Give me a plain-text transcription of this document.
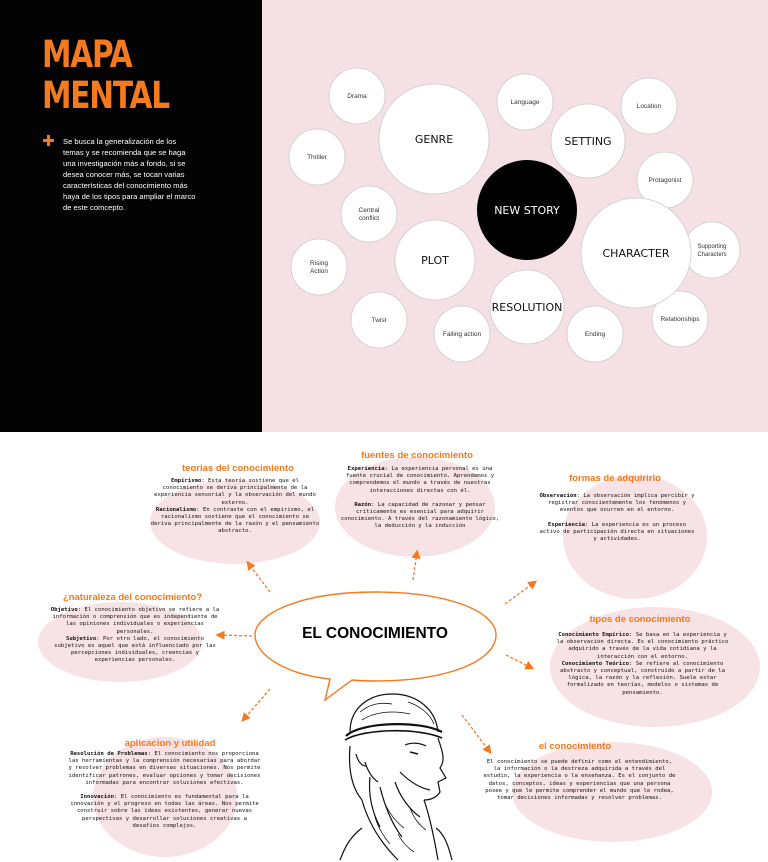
MAPA
MENTAL
Se busca la generalización de los temas y se recomienda que se haga una investigación más a fondo, si se desea conocer más, se tocan varias características del conocimiento más haya de los tipos para ampliar el marco de este comcepto.	NEW STORY
GENRE	SETTING
CHARACTER
PLOT
RESOLUTION
Drama
Thriller
Language
Location
Protagonist
Supporting
Characters
Relationships
Ending
Falling action
Twist
Rising
Action
Central
conflict
EL CONOCIMIENTO
teorias del conocimiento

Empirismo: Esta teoría sostiene que el conocimiento se deriva principalmente de la experiencia sensorial y la observación del mundo externo.

Racionalismo: En contraste con el empirismo, el racionalismo sostiene que el conocimiento se deriva principalmente de la razón y el pensamiento abstracto.

fuentes de conocimiento

Experiencia: La experiencia personal es una fuente crucial de conocimiento. Aprendemos y comprendemos el mundo a través de nuestras interacciones directas con él.

Razón: La capacidad de razonar y pensar críticamente es esencial para adquirir conocimiento. A través del razonamiento lógico, la deducción y la inducción

formas de adquirirlo

Observación: La observación implica percibir y registrar conscientemente los fenómenos y eventos que ocurren en el entorno.

Experiencia: La experiencia es un proceso activo de participación directa en situaciones y actividades.

¿naturaleza del conocimiento?

Objetivo: El conocimiento objetivo se refiere a la información o comprensión que es independiente de las opiniones individuales o experiencias personales.

Subjetivo: Por otro lado, el conocimiento subjetivo es aquel que está influenciado por las percepciones individuales, creencias y experiencias personales.

tipos de conocimiento

Conocimiento Empírico: Se basa en la experiencia y la observación directa. Es el conocimiento práctico adquirido a través de la vida cotidiana y la interacción con el entorno.

Conocimiento Teórico: Se refiere al conocimiento abstracto y conceptual, construido a partir de la lógica, la razón y la reflexión. Suele estar formalizado en teorías, modelos o sistemas de pensamiento.

aplicacion y utilidad

Resolución de Problemas: El conocimiento nos proporciona las herramientas y la comprensión necesarias para abordar y resolver problemas en diversas situaciones. Nos permite identificar patrones, evaluar opciones y tomar decisiones informadas para encontrar soluciones efectivas.

Innovación: El conocimiento es fundamental para la innovación y el progreso en todas las áreas. Nos permite construir sobre las ideas existentes, generar nuevas perspectivas y desarrollar soluciones creativas a desafíos complejos.

el conocimiento

El conocimiento se puede definir como el entendimiento, la información o la destreza adquirida a través del estudio, la experiencia o la enseñanza. Es el conjunto de datos, conceptos, ideas y experiencias que una persona posee y que le permite comprender el mundo que le rodea, tomar decisiones informadas y resolver problemas.
